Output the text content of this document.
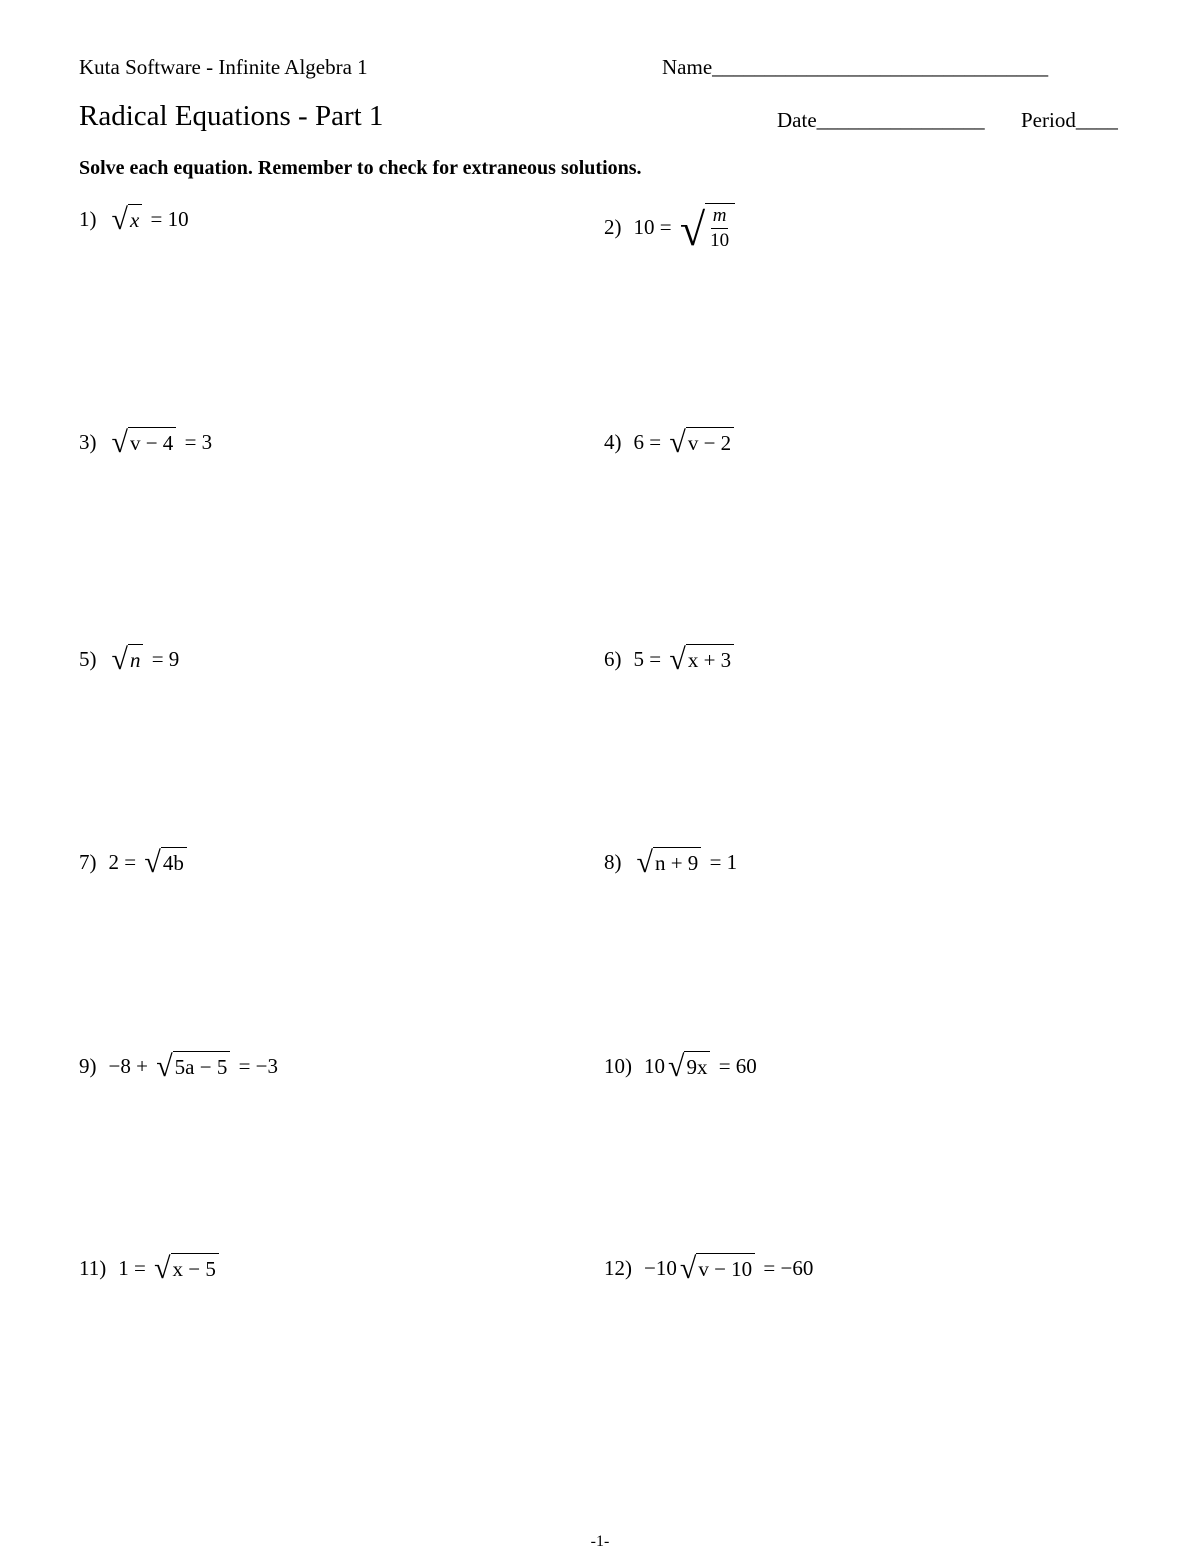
Kuta Software - Infinite Algebra 1	Name________________________________
Radical Equations - Part 1	Date________________ Period____
Solve each equation. Remember to check for extraneous solutions.
1) √ x = 10	2) 10 = √ $\frac{m}{10}$
3) √ v − 4 = 3	4) 6 = √ v − 2
5) √ n = 9	6) 5 = √ x + 3
7) 2 = √ 4b	8) √ n + 9 = 1
9) −8 + √ 5a − 5 = −3	10) 10 √ 9x = 60
11) 1 = √ x − 5	12) −10 √ v − 10 = −60
-1-
